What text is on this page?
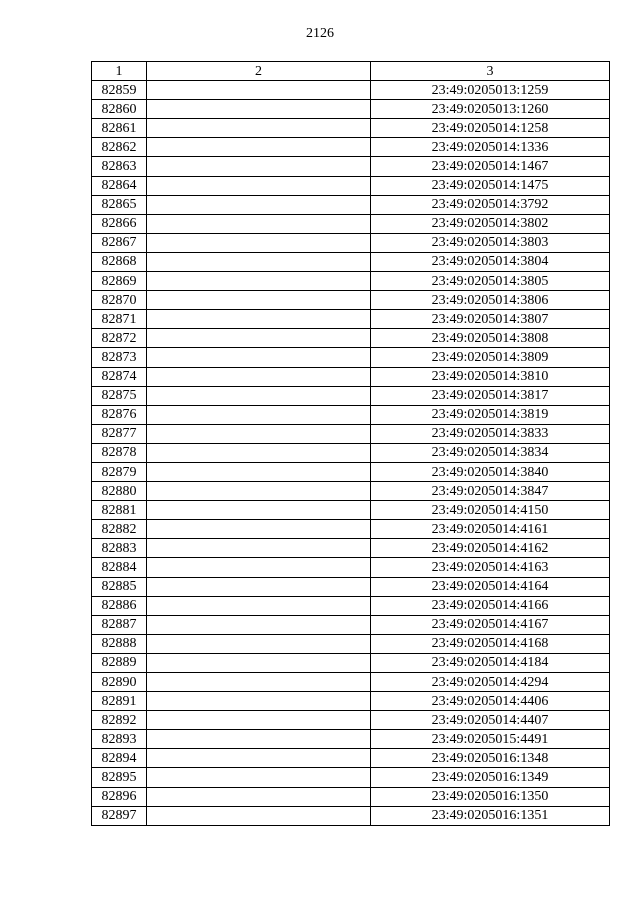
2126
1	2	3
82859		23:49:0205013:1259
82860		23:49:0205013:1260
82861		23:49:0205014:1258
82862		23:49:0205014:1336
82863		23:49:0205014:1467
82864		23:49:0205014:1475
82865		23:49:0205014:3792
82866		23:49:0205014:3802
82867		23:49:0205014:3803
82868		23:49:0205014:3804
82869		23:49:0205014:3805
82870		23:49:0205014:3806
82871		23:49:0205014:3807
82872		23:49:0205014:3808
82873		23:49:0205014:3809
82874		23:49:0205014:3810
82875		23:49:0205014:3817
82876		23:49:0205014:3819
82877		23:49:0205014:3833
82878		23:49:0205014:3834
82879		23:49:0205014:3840
82880		23:49:0205014:3847
82881		23:49:0205014:4150
82882		23:49:0205014:4161
82883		23:49:0205014:4162
82884		23:49:0205014:4163
82885		23:49:0205014:4164
82886		23:49:0205014:4166
82887		23:49:0205014:4167
82888		23:49:0205014:4168
82889		23:49:0205014:4184
82890		23:49:0205014:4294
82891		23:49:0205014:4406
82892		23:49:0205014:4407
82893		23:49:0205015:4491
82894		23:49:0205016:1348
82895		23:49:0205016:1349
82896		23:49:0205016:1350
82897		23:49:0205016:1351
